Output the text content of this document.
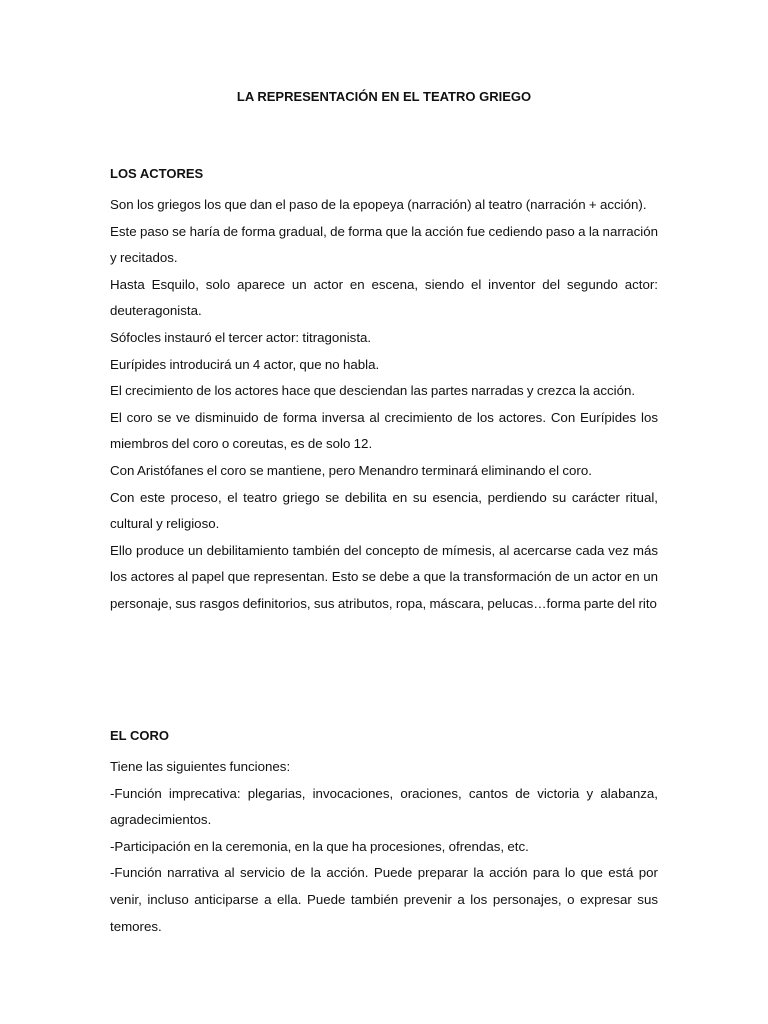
LA REPRESENTACIÓN EN EL TEATRO GRIEGO
LOS ACTORES

Son los griegos los que dan el paso de la epopeya (narración) al teatro (narración + acción).

Este paso se haría de forma gradual, de forma que la acción fue cediendo paso a la narración y recitados.

Hasta Esquilo, solo aparece un actor en escena, siendo el inventor del segundo actor: deuteragonista.

Sófocles instauró el tercer actor: titragonista.

Eurípides introducirá un 4 actor, que no habla.

El crecimiento de los actores hace que desciendan las partes narradas y crezca la acción.

El coro se ve disminuido de forma inversa al crecimiento de los actores. Con Eurípides los miembros del coro o coreutas, es de solo 12.

Con Aristófanes el coro se mantiene, pero Menandro terminará eliminando el coro.

Con este proceso, el teatro griego se debilita en su esencia, perdiendo su carácter ritual, cultural y religioso.

Ello produce un debilitamiento también del concepto de mímesis, al acercarse cada vez más los actores al papel que representan. Esto se debe a que la transformación de un actor en un personaje, sus rasgos definitorios, sus atributos, ropa, máscara, pelucas…forma parte del rito

EL CORO

Tiene las siguientes funciones:

-Función imprecativa: plegarias, invocaciones, oraciones, cantos de victoria y alabanza, agradecimientos.

-Participación en la ceremonia, en la que ha procesiones, ofrendas, etc.

-Función narrativa al servicio de la acción. Puede preparar la acción para lo que está por venir, incluso anticiparse a ella. Puede también prevenir a los personajes, o expresar sus temores.
